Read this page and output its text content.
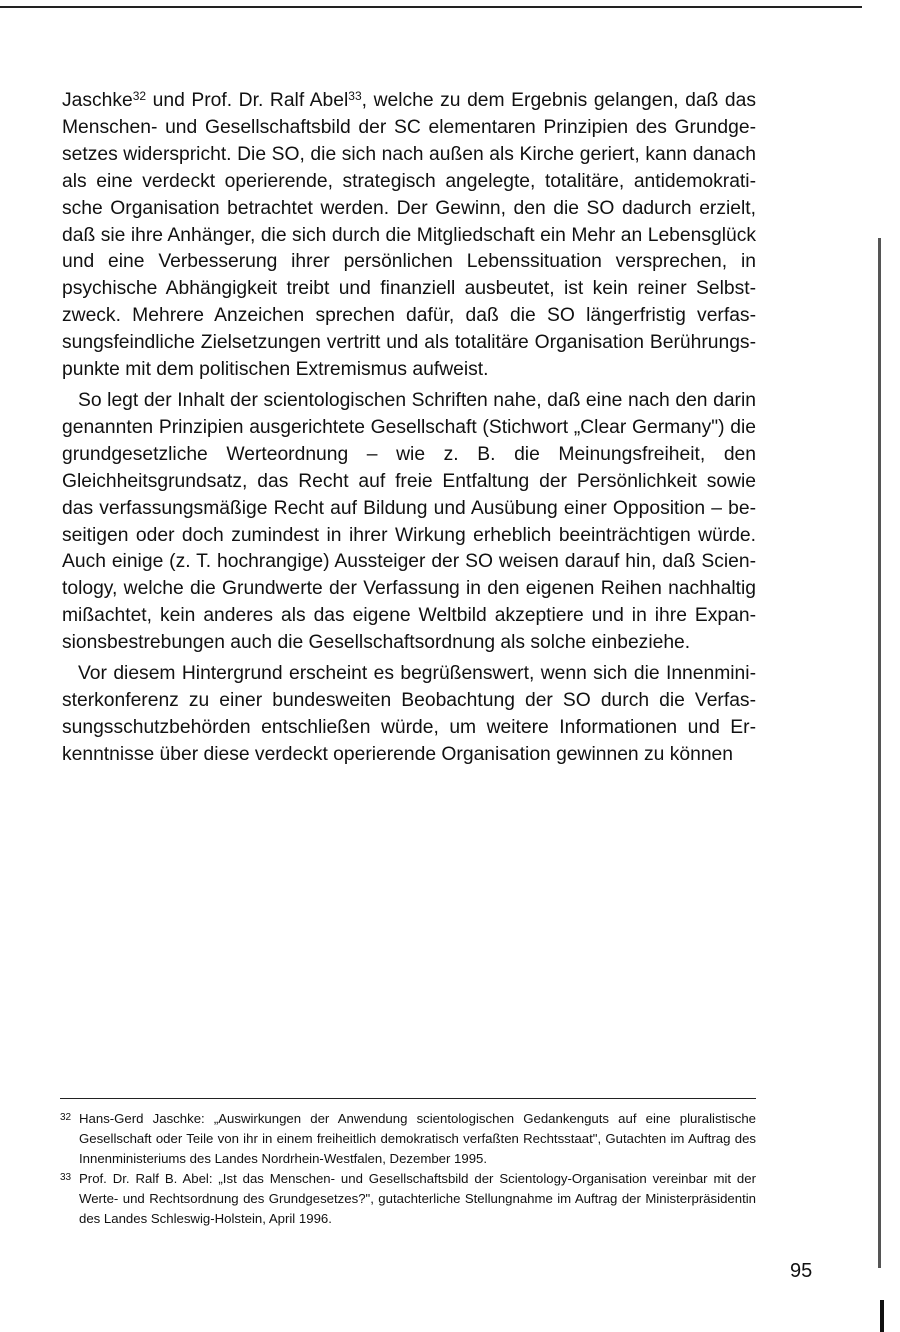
Jaschke$^{32}$ und Prof. Dr. Ralf Abel$^{33}$, welche zu dem Ergebnis gelangen, daß das Menschen- und Gesellschaftsbild der SC elementaren Prinzipien des Grundgesetzes widerspricht. Die SO, die sich nach außen als Kirche geriert, kann danach als eine verdeckt operierende, strategisch angelegte, totalitäre, antidemokratische Organisation betrachtet werden. Der Gewinn, den die SO dadurch erzielt, daß sie ihre Anhänger, die sich durch die Mitgliedschaft ein Mehr an Lebensglück und eine Verbesserung ihrer persönlichen Lebenssituation versprechen, in psychische Abhängigkeit treibt und finanziell ausbeutet, ist kein reiner Selbstzweck. Mehrere Anzeichen sprechen dafür, daß die SO längerfristig verfassungsfeindliche Zielsetzungen vertritt und als totalitäre Organisation Berührungspunkte mit dem politischen Extremismus aufweist.

So legt der Inhalt der scientologischen Schriften nahe, daß eine nach den darin genannten Prinzipien ausgerichtete Gesellschaft (Stichwort „Clear Germany") die grundgesetzliche Werteordnung – wie z. B. die Meinungsfreiheit, den Gleichheitsgrundsatz, das Recht auf freie Entfaltung der Persönlichkeit sowie das verfassungsmäßige Recht auf Bildung und Ausübung einer Opposition – beseitigen oder doch zumindest in ihrer Wirkung erheblich beeinträchtigen würde. Auch einige (z. T. hochrangige) Aussteiger der SO weisen darauf hin, daß Scientology, welche die Grundwerte der Verfassung in den eigenen Reihen nachhaltig mißachtet, kein anderes als das eigene Weltbild akzeptiere und in ihre Expansionsbestrebungen auch die Gesellschaftsordnung als solche einbeziehe.

Vor diesem Hintergrund erscheint es begrüßenswert, wenn sich die Innenministerkonferenz zu einer bundesweiten Beobachtung der SO durch die Verfassungsschutzbehörden entschließen würde, um weitere Informationen und Erkenntnisse über diese verdeckt operierende Organisation gewinnen zu können

32 Hans-Gerd Jaschke: „Auswirkungen der Anwendung scientologischen Gedankenguts auf eine pluralistische Gesellschaft oder Teile von ihr in einem freiheitlich demokratisch verfaßten Rechtsstaat", Gutachten im Auftrag des Innenministeriums des Landes Nordrhein-Westfalen, Dezember 1995.

33 Prof. Dr. Ralf B. Abel: „Ist das Menschen- und Gesellschaftsbild der Scientology-Organisation vereinbar mit der Werte- und Rechtsordnung des Grundgesetzes?", gutachterliche Stellungnahme im Auftrag der Ministerpräsidentin des Landes Schleswig-Holstein, April 1996.

95
